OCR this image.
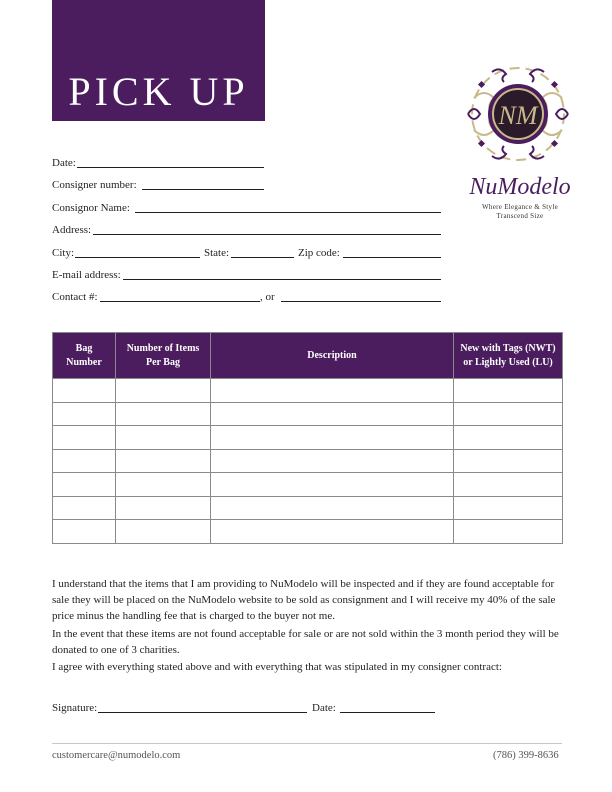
PICK UP
NM
NuModelo
Where Elegance & Style
Transcend Size
Date:
Consigner number:
Consignor Name:
Address:
City:	State:	Zip code:
E-mail address:
Contact #:	, or
Bag Number	Number of Items Per Bag	Description	New with Tags (NWT) or Lightly Used (LU)

I understand that the items that I am providing to NuModelo will be inspected and if they are found acceptable for sale they will be placed on the NuModelo website to be sold as consignment and I will receive my 40% of the sale price minus the handling fee that is charged to the buyer not me.
In the event that these items are not found acceptable for sale or are not sold within the 3 month period they will be donated to one of 3 charities.
I agree with everything stated above and with everything that was stipulated in my consigner contract:
Signature:	Date:
customercare@numodelo.com	(786) 399-8636
